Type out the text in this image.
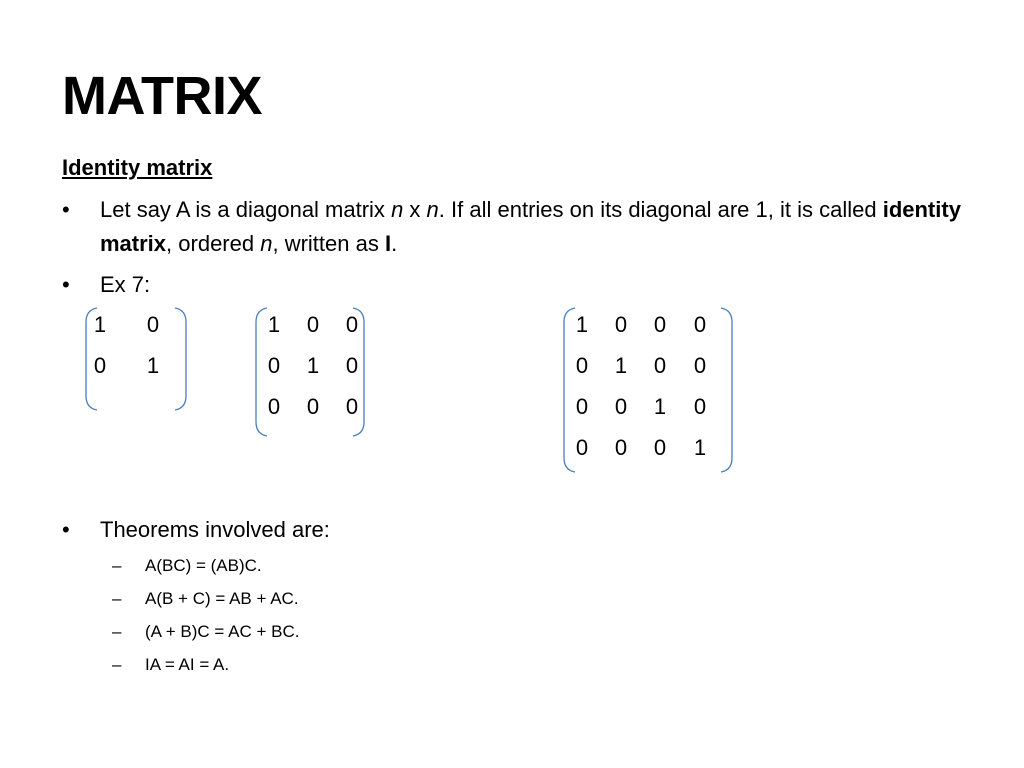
MATRIX
Identity matrix
• Let say A is a diagonal matrix n x n. If all entries on its diagonal are 1, it is called identity matrix, ordered n, written as I.
• Ex 7:
1 0
0 1
1 0 0
0 1 0
0 0 0
1 0 0 0
0 1 0 0
0 0 1 0
0 0 0 1
• Theorems involved are:
– A(BC) = (AB)C.
– A(B + C) = AB + AC.
– (A + B)C = AC + BC.
– IA = AI = A.
